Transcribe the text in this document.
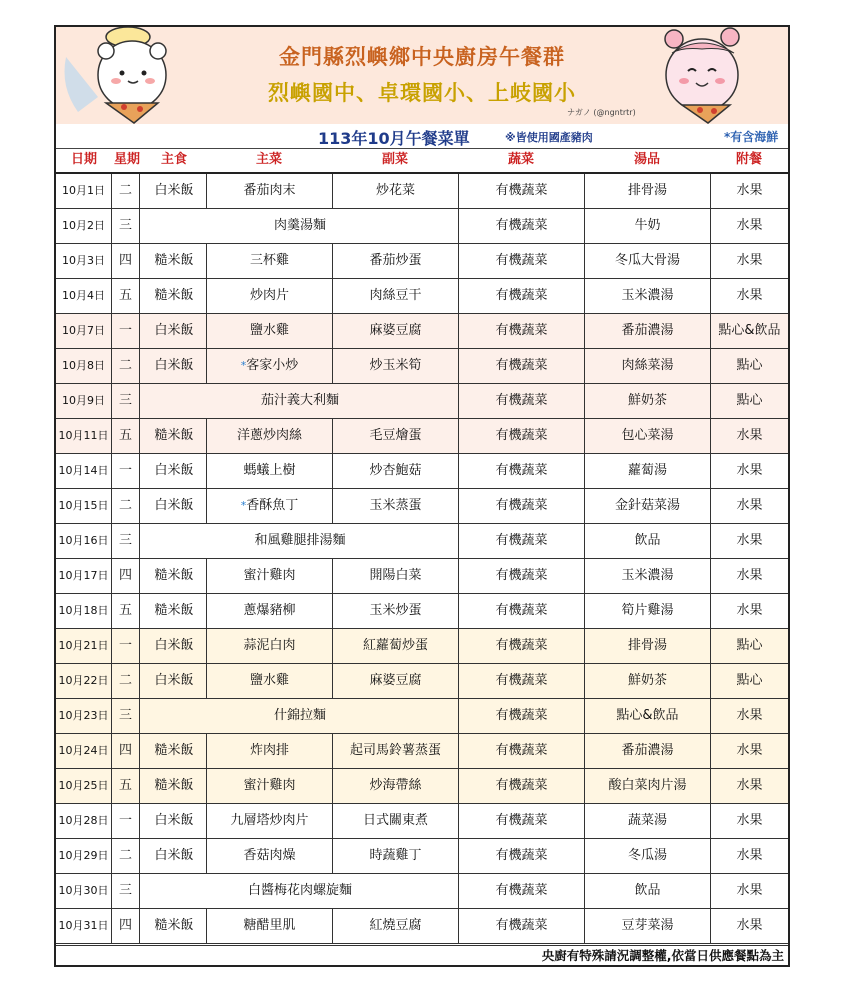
金門縣烈嶼鄉中央廚房午餐群
烈嶼國中、卓環國小、上岐國小
ナガノ (@ngntrtr)
113年10月午餐菜單	※皆使用國產豬肉	*有含海鮮
日期	星期	主食	主菜	副菜	蔬菜	湯品	附餐
10月1日	二	白米飯	番茄肉末	炒花菜	有機蔬菜	排骨湯	水果
10月2日	三	肉羹湯麵	有機蔬菜	牛奶	水果
10月3日	四	糙米飯	三杯雞	番茄炒蛋	有機蔬菜	冬瓜大骨湯	水果
10月4日	五	糙米飯	炒肉片	肉絲豆干	有機蔬菜	玉米濃湯	水果
10月7日	一	白米飯	鹽水雞	麻婆豆腐	有機蔬菜	番茄濃湯	點心&飲品
10月8日	二	白米飯	*客家小炒	炒玉米筍	有機蔬菜	肉絲菜湯	點心
10月9日	三	茄汁義大利麵	有機蔬菜	鮮奶茶	點心
10月11日 五	糙米飯	洋蔥炒肉絲	毛豆燴蛋	有機蔬菜	包心菜湯	水果
10月14日 一	白米飯	螞蟻上樹	炒杏鮑菇	有機蔬菜	蘿蔔湯	水果
10月15日 二	白米飯	*香酥魚丁	玉米蒸蛋	有機蔬菜	金針菇菜湯	水果
10月16日 三	和風雞腿排湯麵	有機蔬菜	飲品	水果
10月17日 四	糙米飯	蜜汁雞肉	開陽白菜	有機蔬菜	玉米濃湯	水果
10月18日 五	糙米飯	蔥爆豬柳	玉米炒蛋	有機蔬菜	筍片雞湯	水果
10月21日 一	白米飯	蒜泥白肉	紅蘿蔔炒蛋	有機蔬菜	排骨湯	點心
10月22日 二	白米飯	鹽水雞	麻婆豆腐	有機蔬菜	鮮奶茶	點心
10月23日 三	什錦拉麵	有機蔬菜	點心&飲品	水果
10月24日 四	糙米飯	炸肉排	起司馬鈴薯蒸蛋	有機蔬菜	番茄濃湯	水果
10月25日 五	糙米飯	蜜汁雞肉	炒海帶絲	有機蔬菜	酸白菜肉片湯	水果
10月28日 一	白米飯	九層塔炒肉片	日式關東煮	有機蔬菜	蔬菜湯	水果
10月29日 二	白米飯	香菇肉燥	時蔬雞丁	有機蔬菜	冬瓜湯	水果
10月30日 三	白醬梅花肉螺旋麵	有機蔬菜	飲品	水果
10月31日 四	糙米飯	糖醋里肌	紅燒豆腐	有機蔬菜	豆芽菜湯	水果
央廚有特殊請況調整權,依當日供應餐點為主
